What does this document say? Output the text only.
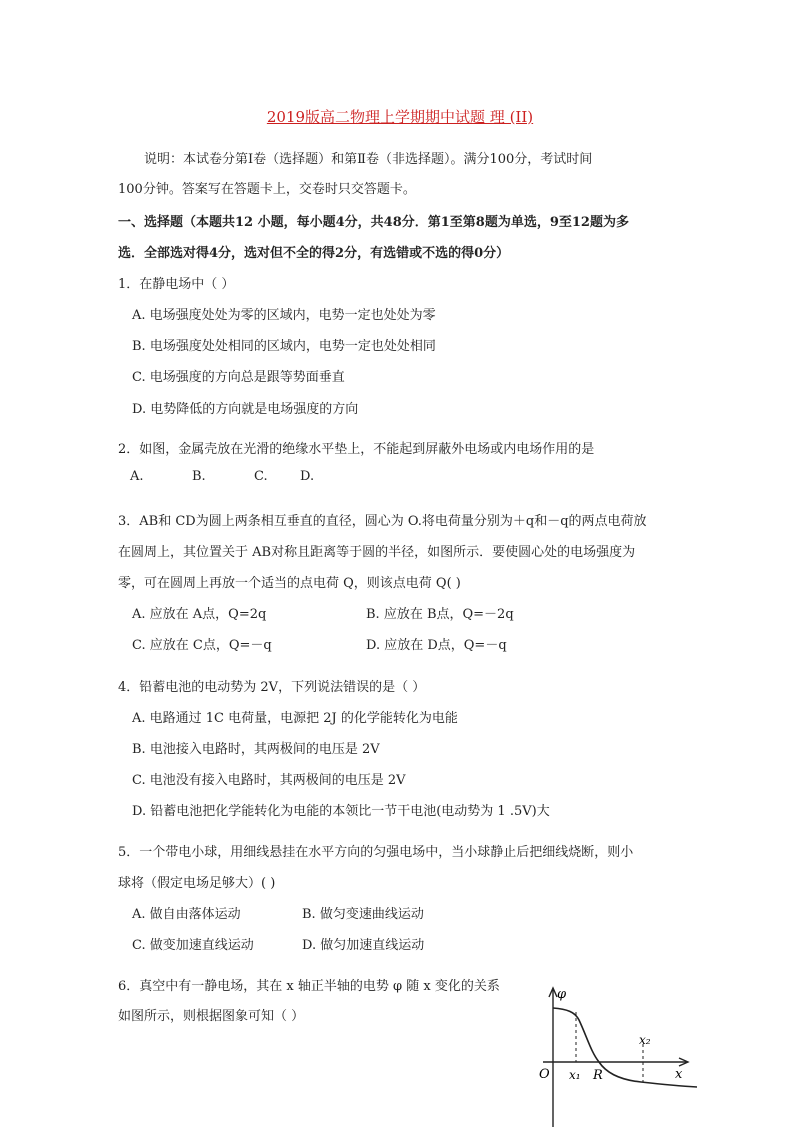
2019版高二物理上学期期中试题 理 (II)
说明：本试卷分第Ⅰ卷（选择题）和第Ⅱ卷（非选择题）。满分100分，考试时间
100分钟。答案写在答题卡上，交卷时只交答题卡。
一、选择题（本题共12 小题，每小题4分，共48分．第1至第8题为单选，9至12题为多
选．全部选对得4分，选对但不全的得2分，有选错或不选的得0分）
1．在静电场中（ ）
A. 电场强度处处为零的区域内，电势一定也处处为零
B. 电场强度处处相同的区域内，电势一定也处处相同
C. 电场强度的方向总是跟等势面垂直
D. 电势降低的方向就是电场强度的方向
2．如图，金属壳放在光滑的绝缘水平垫上，不能起到屏蔽外电场或内电场作用的是
A.	B.	C. D.
3．AB和 CD为圆上两条相互垂直的直径，圆心为 O.将电荷量分别为＋q和－q的两点电荷放
在圆周上，其位置关于 AB对称且距离等于圆的半径，如图所示．要使圆心处的电场强度为
零，可在圆周上再放一个适当的点电荷 Q，则该点电荷 Q( )
A. 应放在 A点，Q=2q	B. 应放在 B点，Q=－2q
C. 应放在 C点，Q=－q	D. 应放在 D点，Q=－q
4．铅蓄电池的电动势为 2V，下列说法错误的是（ ）
A. 电路通过 1C 电荷量，电源把 2J 的化学能转化为电能
B. 电池接入电路时，其两极间的电压是 2V
C. 电池没有接入电路时，其两极间的电压是 2V
D. 铅蓄电池把化学能转化为电能的本领比一节干电池(电动势为 1 .5V)大
5．一个带电小球，用细线悬挂在水平方向的匀强电场中，当小球静止后把细线烧断，则小
球将（假定电场足够大）( )
A. 做自由落体运动	B. 做匀变速曲线运动
C. 做变加速直线运动	D. 做匀加速直线运动
6．真空中有一静电场，其在 x 轴正半轴的电势 φ 随 x 变化的关系
如图所示，则根据图象可知（ ）
φ
O x₁ R
x₂
x
